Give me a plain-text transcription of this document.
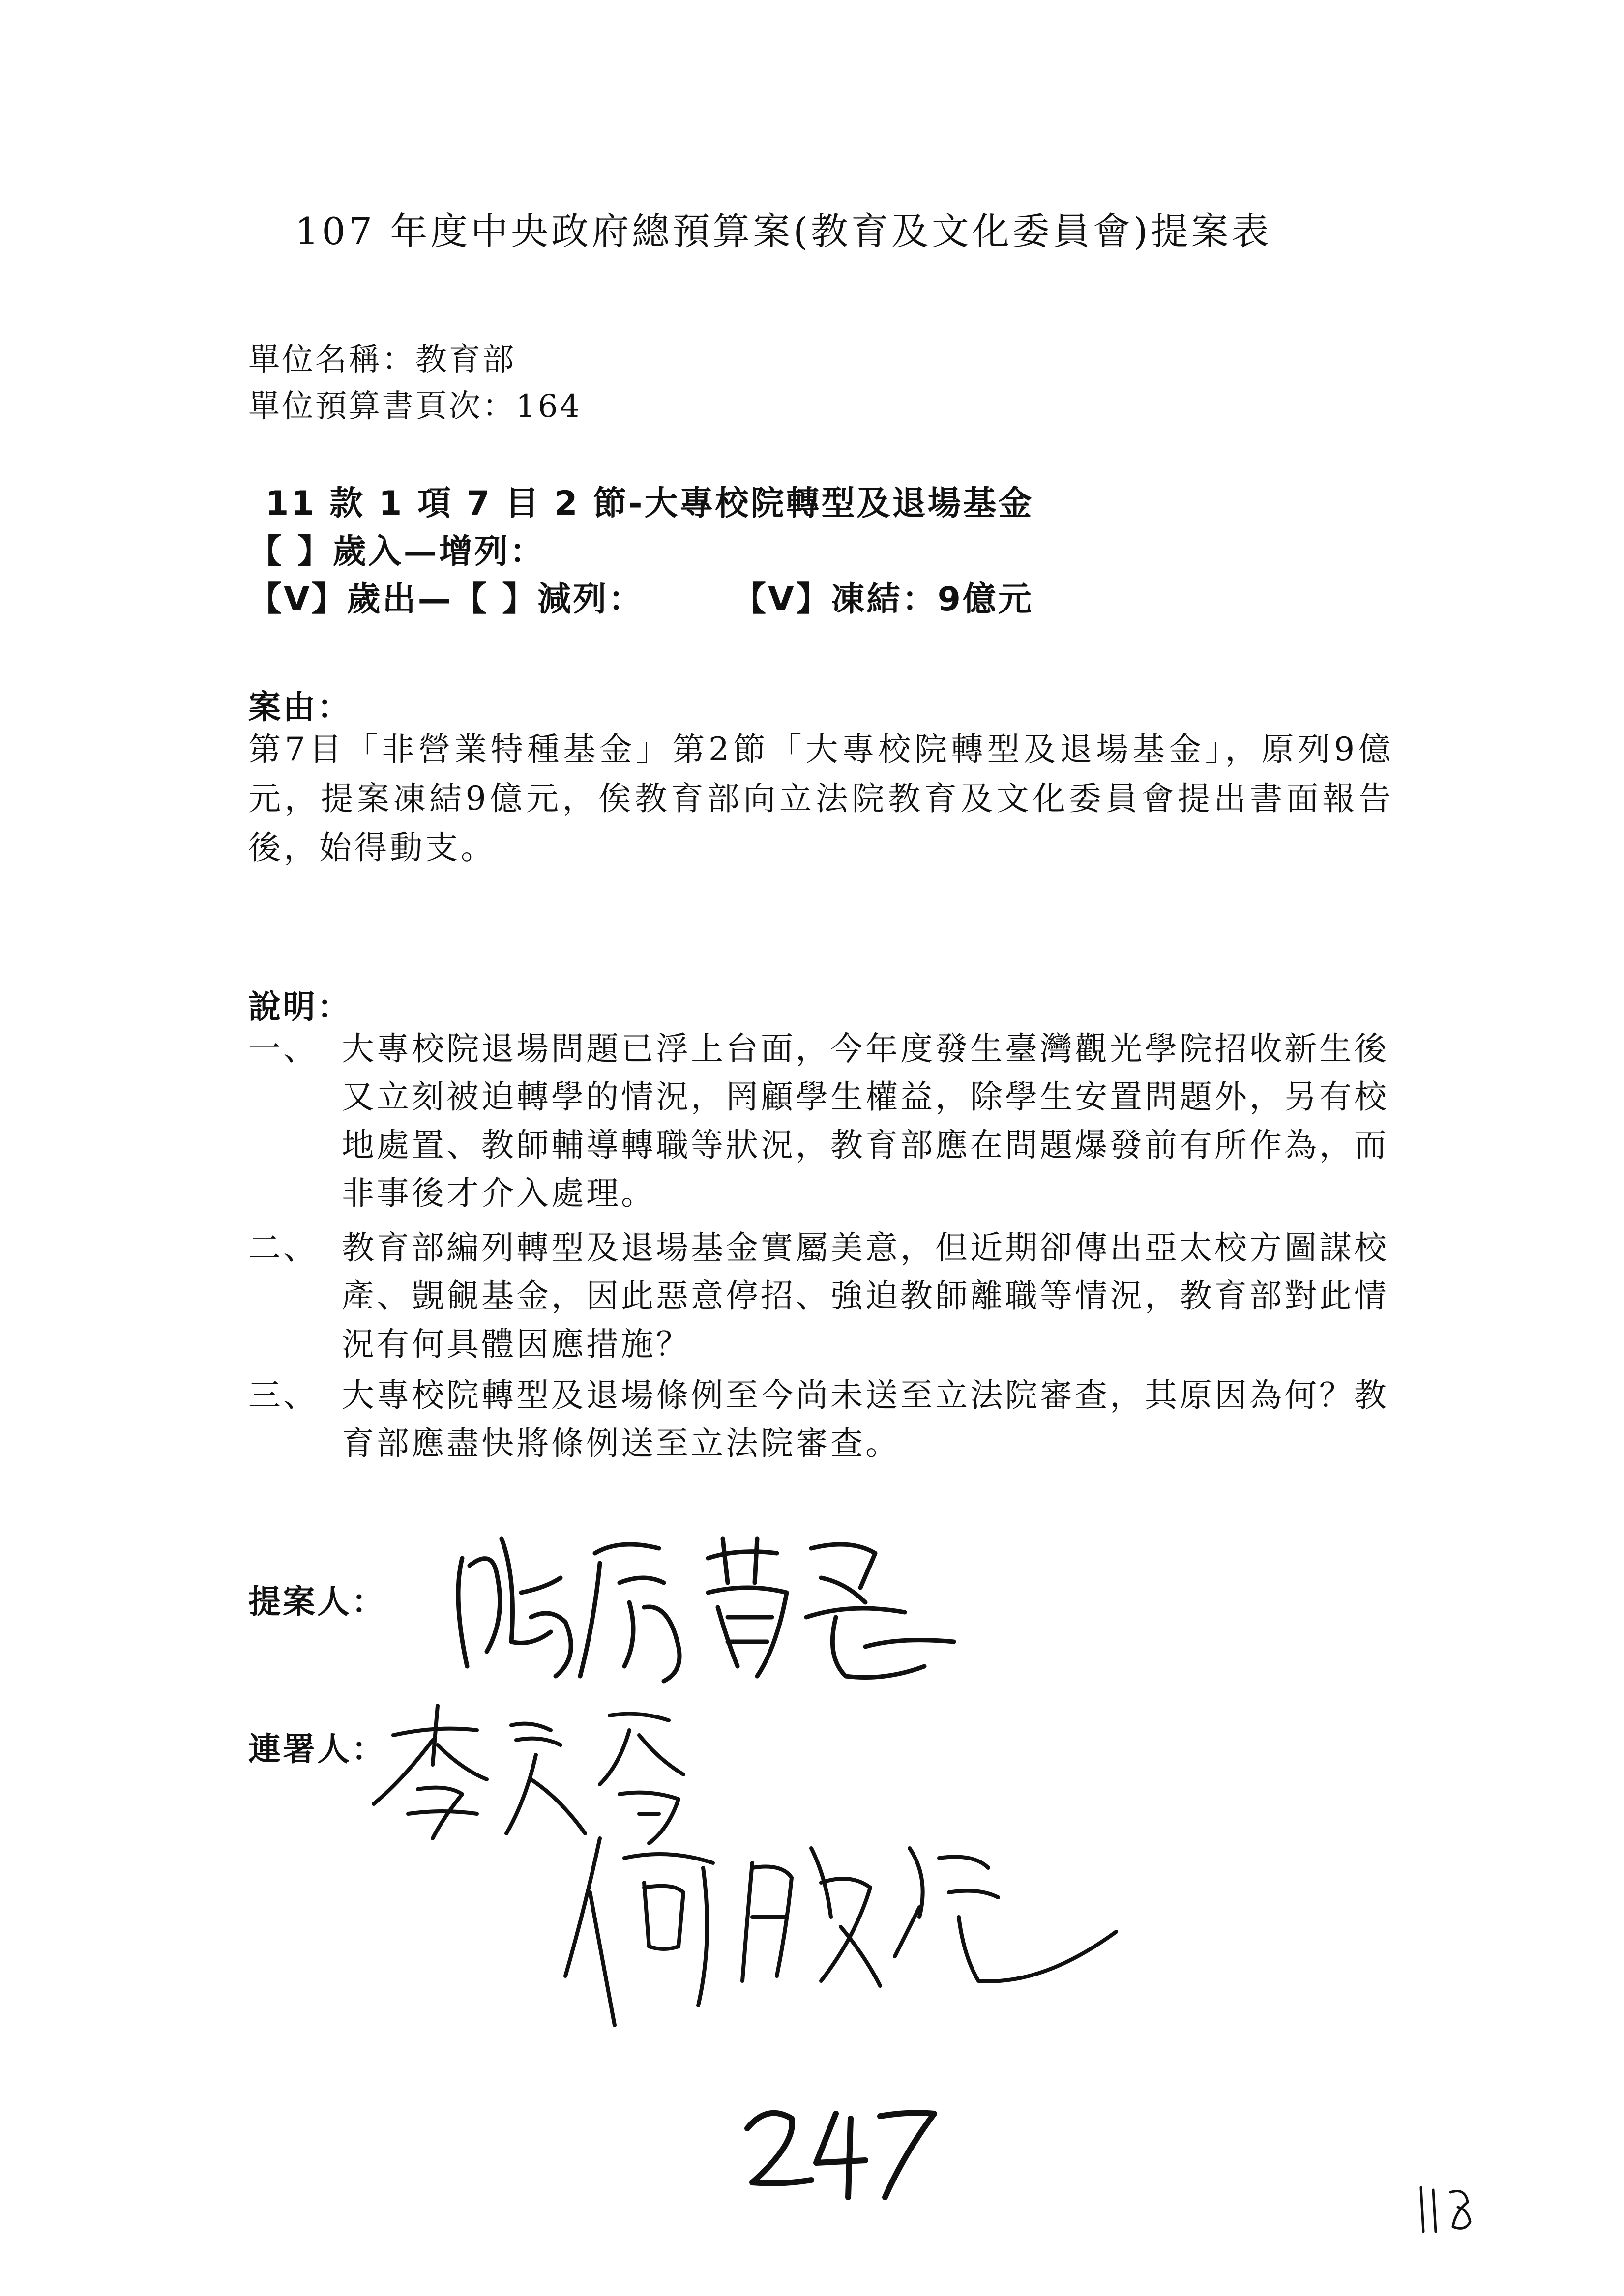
107 年度中央政府總預算案(教育及文化委員會)提案表
單位名稱：教育部
單位預算書頁次：164
11 款 1 項 7 目 2 節-大專校院轉型及退場基金
【 】歲入—增列：
【V】歲出—【 】減列：	【V】凍結：9億元
案由：
第7目「非營業特種基金」第2節「大專校院轉型及退場基金」，原列9億元，提案凍結9億元，俟教育部向立法院教育及文化委員會提出書面報告後，始得動支。
說明：
一、 大專校院退場問題已浮上台面，今年度發生臺灣觀光學院招收新生後又立刻被迫轉學的情況，罔顧學生權益，除學生安置問題外，另有校地處置、教師輔導轉職等狀況，教育部應在問題爆發前有所作為，而非事後才介入處理。
二、 教育部編列轉型及退場基金實屬美意，但近期卻傳出亞太校方圖謀校產、覬覦基金，因此惡意停招、強迫教師離職等情況，教育部對此情況有何具體因應措施？
三、 大專校院轉型及退場條例至今尚未送至立法院審查，其原因為何？教育部應盡快將條例送至立法院審查。
提案人：
連署人：
